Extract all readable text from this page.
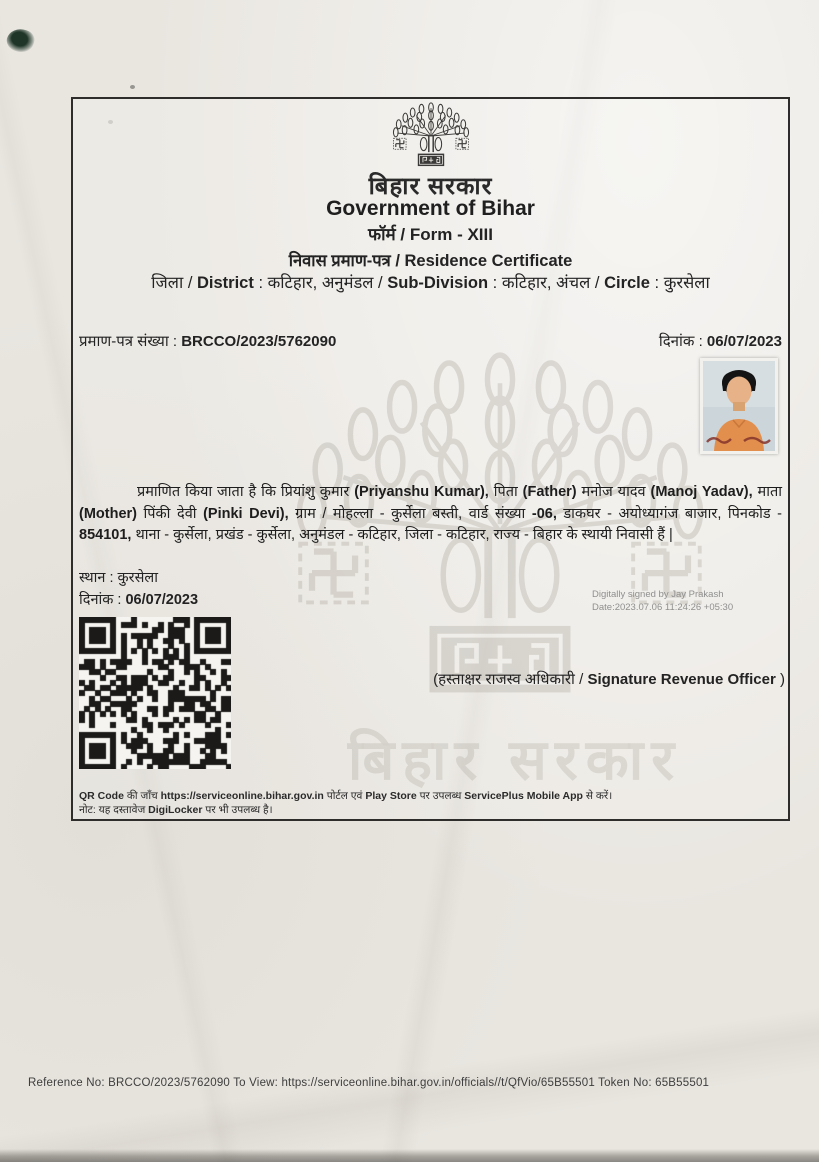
बिहार सरकार
बिहार सरकार
Government of Bihar
फॉर्म / Form - XIII
निवास प्रमाण-पत्र / Residence Certificate
जिला / District : कटिहार, अनुमंडल / Sub-Division : कटिहार, अंचल / Circle : कुरसेला
प्रमाण-पत्र संख्या : BRCCO/2023/5762090	दिनांक : 06/07/2023
प्रमाणित किया जाता है कि प्रियांशु कुमार (Priyanshu Kumar), पिता (Father) मनोज यादव (Manoj Yadav), माता (Mother) पिंकी देवी (Pinki Devi), ग्राम / मोहल्ला - कुर्सेला बस्ती, वार्ड संख्या -06, डाकघर - अयोध्यागंज बाजार, पिनकोड - 854101, थाना - कुर्सेला, प्रखंड - कुर्सेला, अनुमंडल - कटिहार, जिला - कटिहार, राज्य - बिहार के स्थायी निवासी हैं |
स्थान : कुरसेला
दिनांक : 06/07/2023	Digitally signed by Jay Prakash
Date:2023.07.06 11:24:26 +05:30
(हस्ताक्षर राजस्व अधिकारी / Signature Revenue Officer )
QR Code की जाँच https://serviceonline.bihar.gov.in पोर्टल एवं Play Store पर उपलब्ध ServicePlus Mobile App से करें।
नोट: यह दस्तावेज DigiLocker पर भी उपलब्ध है।
Reference No: BRCCO/2023/5762090 To View: https://serviceonline.bihar.gov.in/officials//t/QfVio/65B55501 Token No: 65B55501
